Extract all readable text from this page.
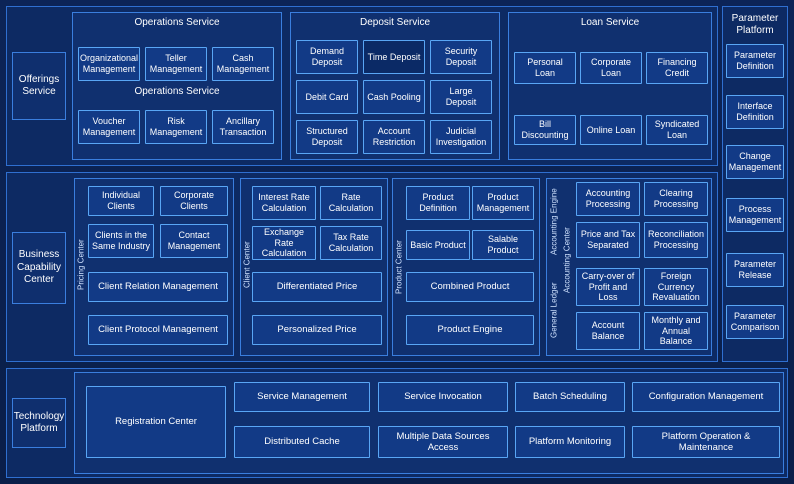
Offerings Service
Operations Service
Organizational Management
Teller Management
Cash Management
Operations Service
Voucher Management
Risk Management
Ancillary Transaction
Deposit Service
Demand Deposit
Time Deposit
Security Deposit
Debit Card	Cash Pooling
Large Deposit
Structured Deposit
Account Restriction
Judicial Investigation
Loan Service
Personal Loan
Corporate Loan
Financing Credit
Bill Discounting
Online Loan
Syndicated Loan
Parameter Platform
Parameter Definition
Interface Definition
Change Management
Process Management
Parameter Release
Parameter Comparison
Business Capability Center	Pricing Center
Individual Clients
Corporate Clients
Clients in the Same Industry
Contact Management
Client Relation Management
Client Protocol Management
Client Center
Interest Rate Calculation
Rate Calculation
Exchange Rate Calculation
Tax Rate Calculation
Differentiated Price
Personalized Price
Product Center
Product Definition
Product Management
Basic Product
Salable Product
Combined Product
Product Engine
Accounting Engine
General Ledger
Accounting Center
Accounting Processing
Clearing Processing
Price and Tax Separated
Reconciliation Processing
Carry-over of Profit and Loss
Foreign Currency Revaluation
Account Balance
Monthly and Annual Balance
Technology Platform
Registration Center
Service Management	Service Invocation	Batch Scheduling	Configuration Management
Distributed Cache
Multiple Data Sources Access
Platform Monitoring
Platform Operation & Maintenance
